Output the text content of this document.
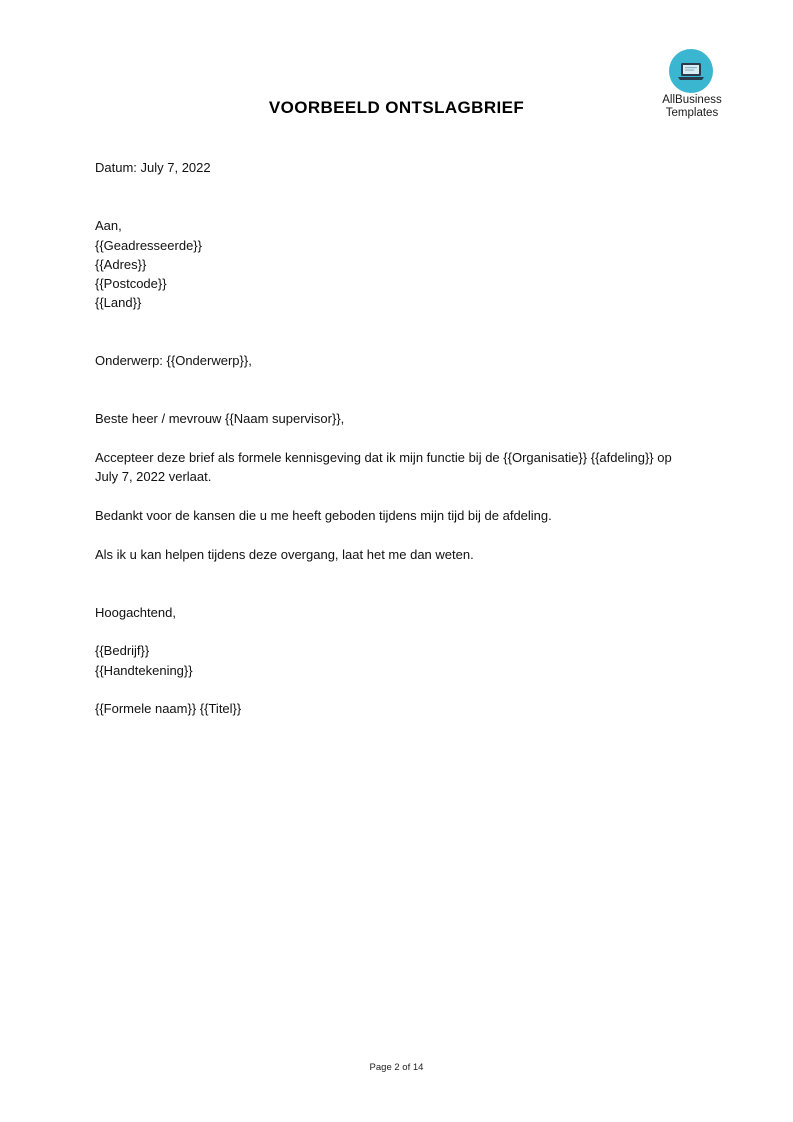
AllBusiness
Templates
VOORBEELD ONTSLAGBRIEF
Datum: July 7, 2022
Aan,
{{Geadresseerde}}
{{Adres}}
{{Postcode}}
{{Land}}
Onderwerp: {{Onderwerp}},
Beste heer / mevrouw {{Naam supervisor}},
Accepteer deze brief als formele kennisgeving dat ik mijn functie bij de {{Organisatie}} {{afdeling}} op
July 7, 2022 verlaat.
Bedankt voor de kansen die u me heeft geboden tijdens mijn tijd bij de afdeling.
Als ik u kan helpen tijdens deze overgang, laat het me dan weten.
Hoogachtend,
{{Bedrijf}}
{{Handtekening}}
{{Formele naam}} {{Titel}}
Page 2 of 14
